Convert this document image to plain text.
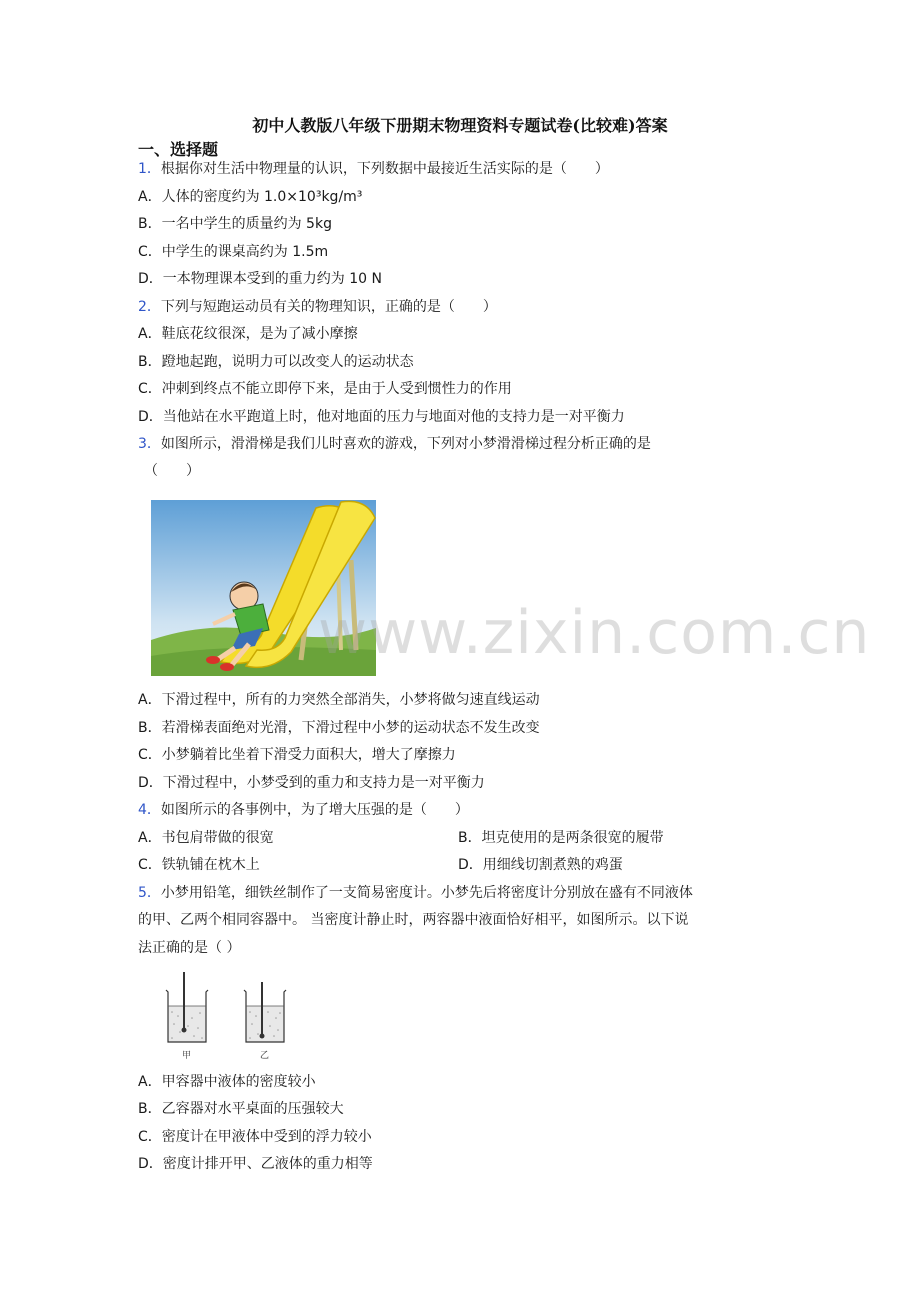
初中人教版八年级下册期末物理资料专题试卷(比较难)答案
一、选择题
1．根据你对生活中物理量的认识，下列数据中最接近生活实际的是（　　）
A．人体的密度约为 1.0×10³kg/m³
B．一名中学生的质量约为 5kg
C．中学生的课桌高约为 1.5m
D．一本物理课本受到的重力约为 10 N
2．下列与短跑运动员有关的物理知识，正确的是（　　）
A．鞋底花纹很深，是为了减小摩擦
B．蹬地起跑，说明力可以改变人的运动状态
C．冲刺到终点不能立即停下来，是由于人受到惯性力的作用
D．当他站在水平跑道上时，他对地面的压力与地面对他的支持力是一对平衡力
3．如图所示，滑滑梯是我们儿时喜欢的游戏，下列对小梦滑滑梯过程分析正确的是
（　　）
A．下滑过程中，所有的力突然全部消失，小梦将做匀速直线运动
B．若滑梯表面绝对光滑，下滑过程中小梦的运动状态不发生改变
C．小梦躺着比坐着下滑受力面积大，增大了摩擦力
D．下滑过程中，小梦受到的重力和支持力是一对平衡力
4．如图所示的各事例中，为了增大压强的是（　　）
A．书包肩带做的很宽	B．坦克使用的是两条很宽的履带
C．铁轨铺在枕木上	D．用细线切割煮熟的鸡蛋
5．小梦用铅笔，细铁丝制作了一支简易密度计。小梦先后将密度计分别放在盛有不同液体
的甲、乙两个相同容器中。 当密度计静止时，两容器中液面恰好相平，如图所示。以下说
法正确的是（ ）
甲	乙
A．甲容器中液体的密度较小
B．乙容器对水平桌面的压强较大
C．密度计在甲液体中受到的浮力较小
D．密度计排开甲、乙液体的重力相等
www.zixin.com.cn
